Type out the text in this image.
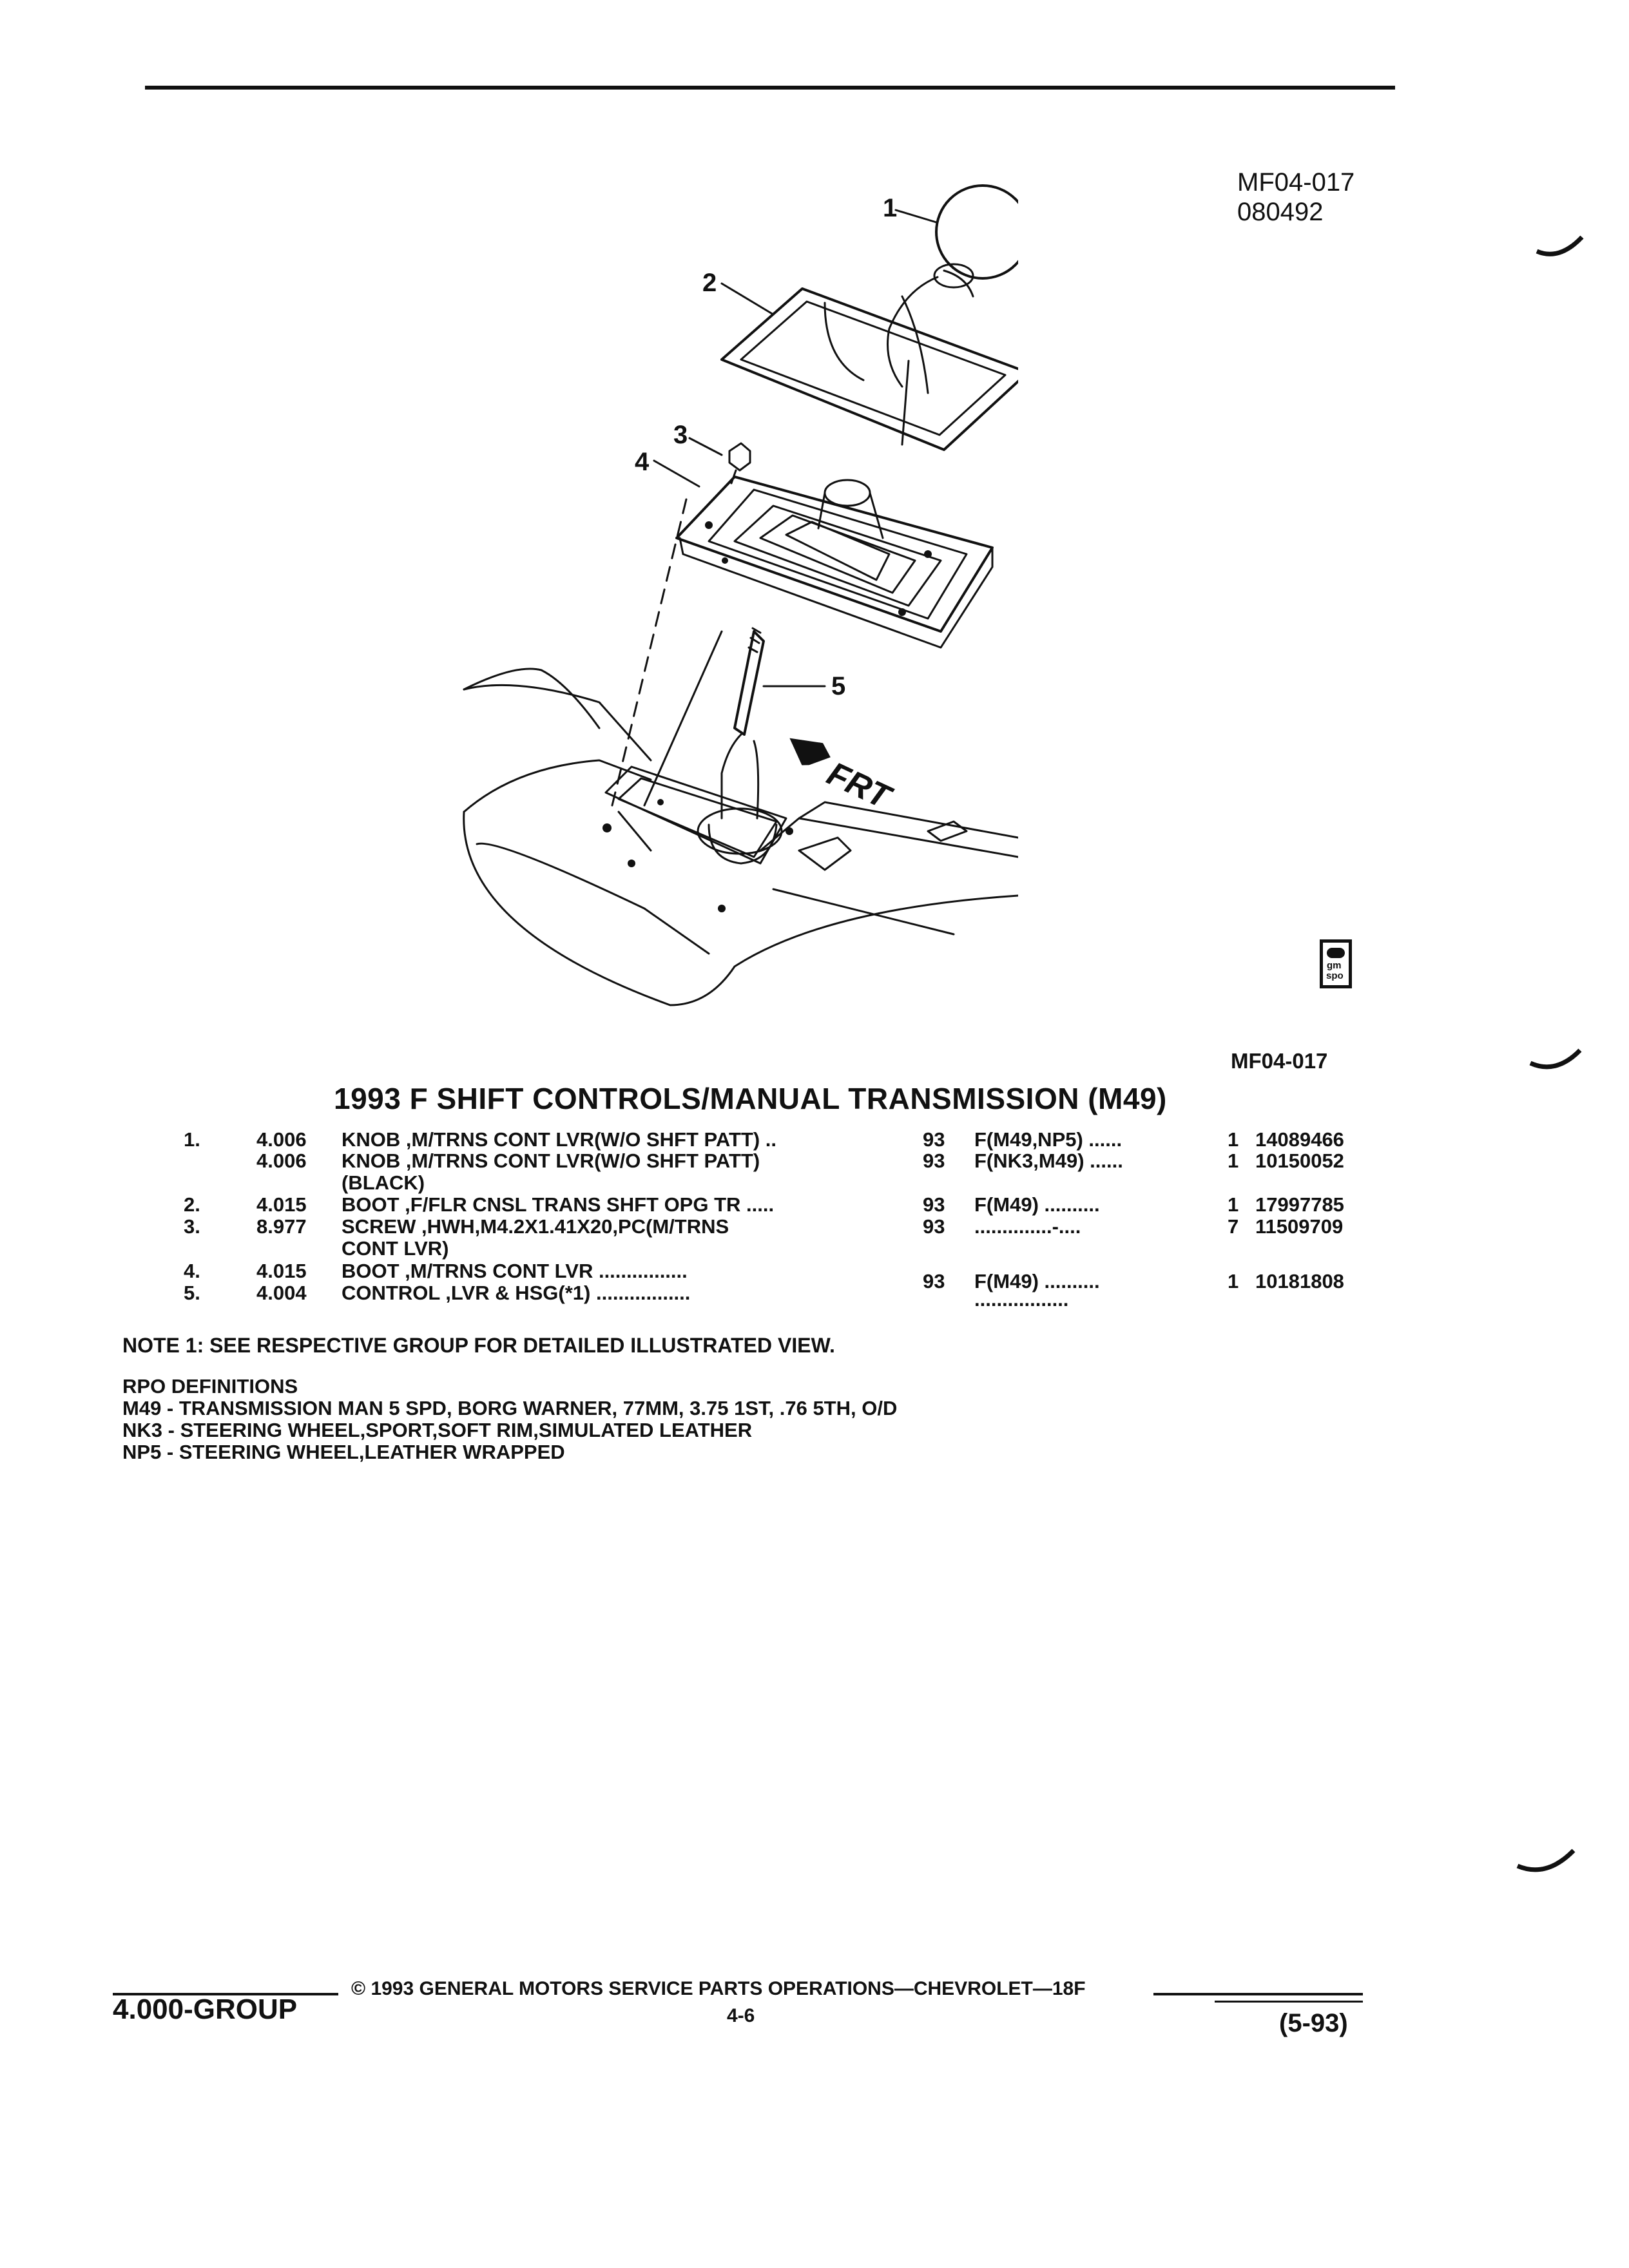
MF04-017
080492
FRT
1
2
3
4
5
gm
spo
MF04-017
1993 F SHIFT CONTROLS/MANUAL TRANSMISSION (M49)
1.	4.006 KNOB ,M/TRNS CONT LVR(W/O SHFT PATT) ..	93 F(M49,NP5) ......	1 14089466
4.006 KNOB ,M/TRNS CONT LVR(W/O SHFT PATT)
(BLACK)
93 F(NK3,M49) ......	1 10150052
2.	4.015 BOOT ,F/FLR CNSL TRANS SHFT OPG TR .....	93 F(M49) ..........	1 17997785
3.	8.977 SCREW ,HWH,M4.2X1.41X20,PC(M/TRNS
CONT LVR)
93 ..............-....	7 11509709
4.	4.015 BOOT ,M/TRNS CONT LVR ................	93 F(M49) ..........	1 10181808
5.	4.004 CONTROL ,LVR & HSG(*1) .................	.................
NOTE 1: SEE RESPECTIVE GROUP FOR DETAILED ILLUSTRATED VIEW.
RPO DEFINITIONS
M49 - TRANSMISSION MAN 5 SPD, BORG WARNER, 77MM, 3.75 1ST, .76 5TH, O/D
NK3 - STEERING WHEEL,SPORT,SOFT RIM,SIMULATED LEATHER
NP5 - STEERING WHEEL,LEATHER WRAPPED
4.000-GROUP
© 1993 GENERAL MOTORS SERVICE PARTS OPERATIONS—CHEVROLET—18F
4-6	(5-93)
